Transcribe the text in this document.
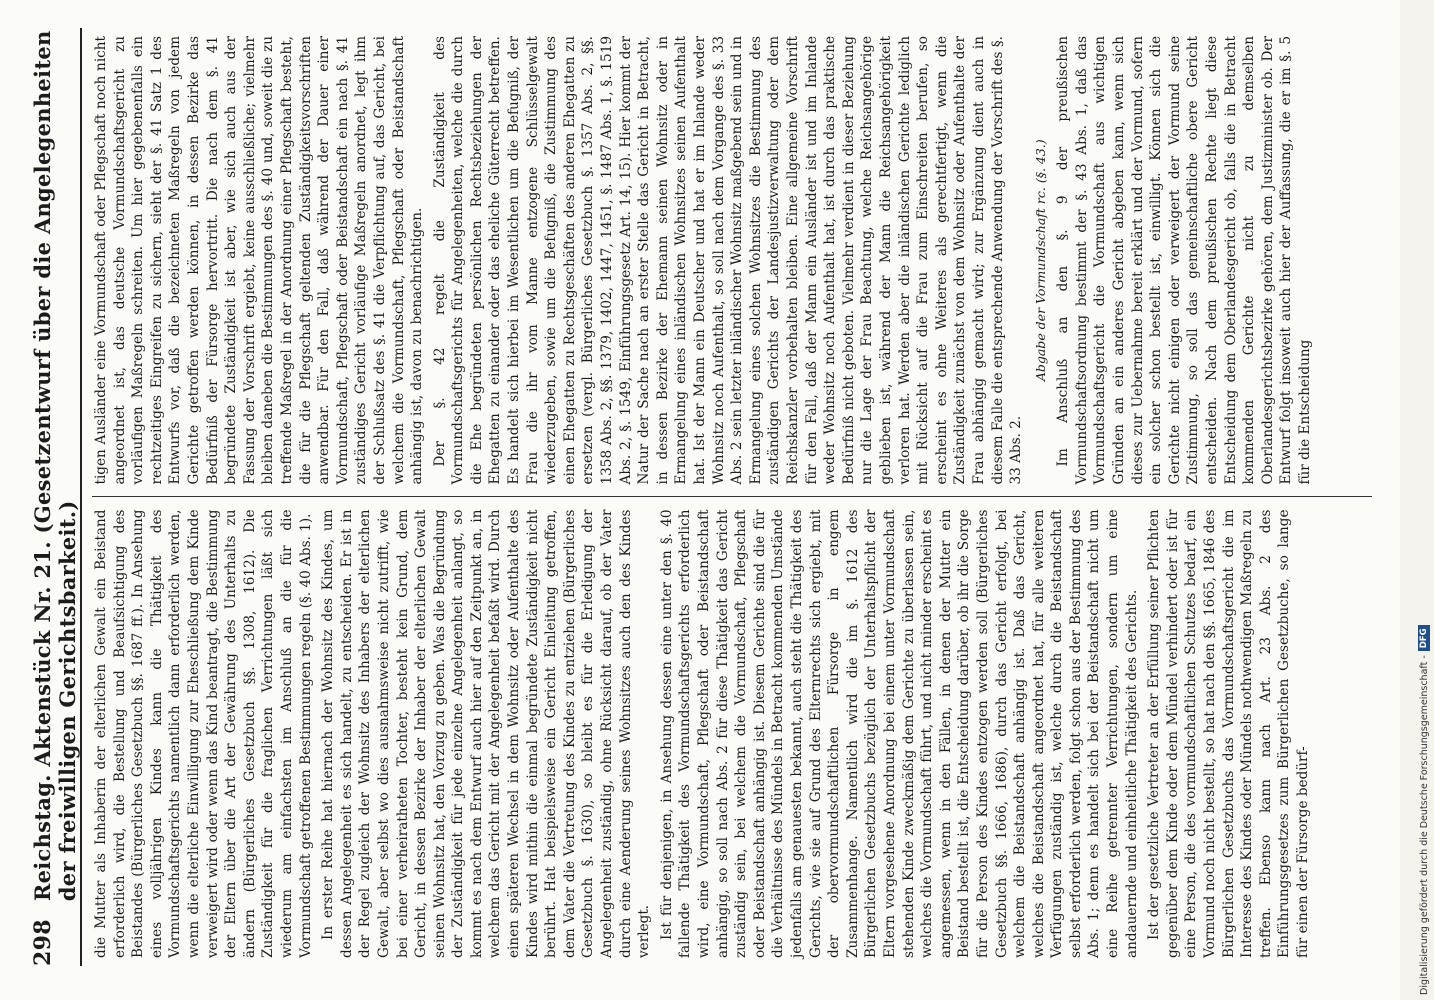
298
Reichstag. Aktenstück Nr. 21. (Gesetzentwurf über die Angelegenheiten der freiwilligen Gerichtsbarkeit.) die Mutter als Inhaberin der elterlichen Gewalt ein Beistand erforderlich wird, die Bestellung und Beaufsichtigung des Beistandes (Bürgerliches Gesetzbuch §§. 1687 ff.). In Ansehung eines volljährigen Kindes kann die Thätigkeit des Vormundschaftsgerichts namentlich dann erforderlich werden, wenn die elterliche Einwilligung zur Eheschließung dem Kinde verweigert wird oder wenn das Kind beantragt, die Bestimmung der Eltern über die Art der Gewährung des Unterhalts zu ändern (Bürgerliches Gesetzbuch §§. 1308, 1612). Die Zuständigkeit für die fraglichen Verrichtungen läßt sich wiederum am einfachsten im Anschluß an die für die Vormundschaft getroffenen Bestimmungen regeln (§. 40 Abs. 1). In erster Reihe hat hiernach der Wohnsitz des Kindes, um dessen Angelegenheit es sich handelt, zu entscheiden. Er ist in der Regel zugleich der Wohnsitz des Inhabers der elterlichen Gewalt, aber selbst wo dies ausnahmsweise nicht zutrifft, wie bei einer verheiratheten Tochter, besteht kein Grund, dem Gericht, in dessen Bezirke der Inhaber der elterlichen Gewalt seinen Wohnsitz hat, den Vorzug zu geben. Was die Begründung der Zuständigkeit für jede einzelne Angelegenheit anlangt, so kommt es nach dem Entwurf auch hier auf den Zeitpunkt an, in welchem das Gericht mit der Angelegenheit befaßt wird. Durch einen späteren Wechsel in dem Wohnsitz oder Aufenthalte des Kindes wird mithin die einmal begründete Zuständigkeit nicht berührt. Hat beispielsweise ein Gericht Einleitung getroffen, dem Vater die Vertretung des Kindes zu entziehen (Bürgerliches Gesetzbuch §. 1630), so bleibt es für die Erledigung der Angelegenheit zuständig, ohne Rücksicht darauf, ob der Vater durch eine Aenderung seines Wohnsitzes auch den des Kindes verlegt. Ist für denjenigen, in Ansehung dessen eine unter den §. 40 fallende Thätigkeit des Vormundschaftsgerichts erforderlich wird, eine Vormundschaft, Pflegschaft oder Beistandschaft anhängig, so soll nach Abs. 2 für diese Thätigkeit das Gericht zuständig sein, bei welchem die Vormundschaft, Pflegschaft oder Beistandschaft anhängig ist. Diesem Gerichte sind die für die Verhältnisse des Mündels in Betracht kommenden Umstände jedenfalls am genauesten bekannt, auch steht die Thätigkeit des Gerichts, wie sie auf Grund des Elternrechts sich ergiebt, mit der obervormundschaftlichen Fürsorge in engem Zusammenhange. Namentlich wird die im §. 1612 des Bürgerlichen Gesetzbuchs bezüglich der Unterhaltspflicht der Eltern vorgesehene Anordnung bei einem unter Vormundschaft stehenden Kinde zweckmäßig dem Gerichte zu überlassen sein, welches die Vormundschaft führt, und nicht minder erscheint es angemessen, wenn in den Fällen, in denen der Mutter ein Beistand bestellt ist, die Entscheidung darüber, ob ihr die Sorge für die Person des Kindes entzogen werden soll (Bürgerliches Gesetzbuch §§. 1666, 1686), durch das Gericht erfolgt, bei welchem die Beistandschaft anhängig ist. Daß das Gericht, welches die Beistandschaft angeordnet hat, für alle weiteren Verfügungen zuständig ist, welche durch die Beistandschaft selbst erforderlich werden, folgt schon aus der Bestimmung des Abs. 1; denn es handelt sich bei der Beistandschaft nicht um eine Reihe getrennter Verrichtungen, sondern um eine andauernde und einheitliche Thätigkeit des Gerichts. Ist der gesetzliche Vertreter an der Erfüllung seiner Pflichten gegenüber dem Kinde oder dem Mündel verhindert oder ist für eine Person, die des vormundschaftlichen Schutzes bedarf, ein Vormund noch nicht bestellt, so hat nach den §§. 1665, 1846 des Bürgerlichen Gesetzbuchs das Vormundschaftsgericht die im Interesse des Kindes oder Mündels nothwendigen Maßregeln zu treffen. Ebenso kann nach Art. 23 Abs. 2 des Einführungsgesetzes zum Bürgerlichen Gesetzbuche, so lange für einen der Fürsorge bedürf-

tigen Ausländer eine Vormundschaft oder Pflegschaft noch nicht angeordnet ist, das deutsche Vormundschaftsgericht zu vorläufigen Maßregeln schreiten. Um hier gegebenenfalls ein rechtzeitiges Eingreifen zu sichern, sieht der §. 41 Satz 1 des Entwurfs vor, daß die bezeichneten Maßregeln von jedem Gerichte getroffen werden können, in dessen Bezirke das Bedürfniß der Fürsorge hervortritt. Die nach dem §. 41 begründete Zuständigkeit ist aber, wie sich auch aus der Fassung der Vorschrift ergiebt, keine ausschließliche; vielmehr bleiben daneben die Bestimmungen des §. 40 und, soweit die zu treffende Maßregel in der Anordnung einer Pflegschaft besteht, die für die Pflegschaft geltenden Zuständigkeitsvorschriften anwendbar. Für den Fall, daß während der Dauer einer Vormundschaft, Pflegschaft oder Beistandschaft ein nach §. 41 zuständiges Gericht vorläufige Maßregeln anordnet, legt ihm der Schlußsatz des §. 41 die Verpflichtung auf, das Gericht, bei welchem die Vormundschaft, Pflegschaft oder Beistandschaft anhängig ist, davon zu benachrichtigen. Der §. 42 regelt die Zuständigkeit des Vormundschaftsgerichts für Angelegenheiten, welche die durch die Ehe begründeten persönlichen Rechtsbeziehungen der Ehegatten zu einander oder das eheliche Güterrecht betreffen. Es handelt sich hierbei im Wesentlichen um die Befugniß, der Frau die ihr vom Manne entzogene Schlüsselgewalt wiederzugeben, sowie um die Befugniß, die Zustimmung des einen Ehegatten zu Rechtsgeschäften des anderen Ehegatten zu ersetzen (vergl. Bürgerliches Gesetzbuch §. 1357 Abs. 2, §§. 1358 Abs. 2, §§. 1379, 1402, 1447, 1451, §. 1487 Abs. 1, §. 1519 Abs. 2, §. 1549, Einführungsgesetz Art. 14, 15). Hier kommt der Natur der Sache nach an erster Stelle das Gericht in Betracht, in dessen Bezirke der Ehemann seinen Wohnsitz oder in Ermangelung eines inländischen Wohnsitzes seinen Aufenthalt hat. Ist der Mann ein Deutscher und hat er im Inlande weder Wohnsitz noch Aufenthalt, so soll nach dem Vorgange des §. 33 Abs. 2 sein letzter inländischer Wohnsitz maßgebend sein und in Ermangelung eines solchen Wohnsitzes die Bestimmung des zuständigen Gerichts der Landesjustizverwaltung oder dem Reichskanzler vorbehalten bleiben. Eine allgemeine Vorschrift für den Fall, daß der Mann ein Ausländer ist und im Inlande weder Wohnsitz noch Aufenthalt hat, ist durch das praktische Bedürfniß nicht geboten. Vielmehr verdient in dieser Beziehung nur die Lage der Frau Beachtung, welche Reichsangehörige geblieben ist, während der Mann die Reichsangehörigkeit verloren hat. Werden aber die inländischen Gerichte lediglich mit Rücksicht auf die Frau zum Einschreiten berufen, so erscheint es ohne Weiteres als gerechtfertigt, wenn die Zuständigkeit zunächst von dem Wohnsitz oder Aufenthalte der Frau abhängig gemacht wird; zur Ergänzung dient auch in diesem Falle die entsprechende Anwendung der Vorschrift des §. 33 Abs. 2.

Abgabe der Vormundschaft rc. (§. 43.) Im Anschluß an den §. 9 der preußischen Vormundschaftsordnung bestimmt der §. 43 Abs. 1, daß das Vormundschaftsgericht die Vormundschaft aus wichtigen Gründen an ein anderes Gericht abgeben kann, wenn sich dieses zur Uebernahme bereit erklärt und der Vormund, sofern ein solcher schon bestellt ist, einwilligt. Können sich die Gerichte nicht einigen oder verweigert der Vormund seine Zustimmung, so soll das gemeinschaftliche obere Gericht entscheiden. Nach dem preußischen Rechte liegt diese Entscheidung dem Oberlandesgericht ob, falls die in Betracht kommenden Gerichte nicht zu demselben Oberlandesgerichtsbezirke gehören, dem Justizminister ob. Der Entwurf folgt insoweit auch hier der Auffassung, die er im §. 5 für die Entscheidung

Digitalisierung gefördert durch die Deutsche Forschungsgemeinschaft -
DFG
